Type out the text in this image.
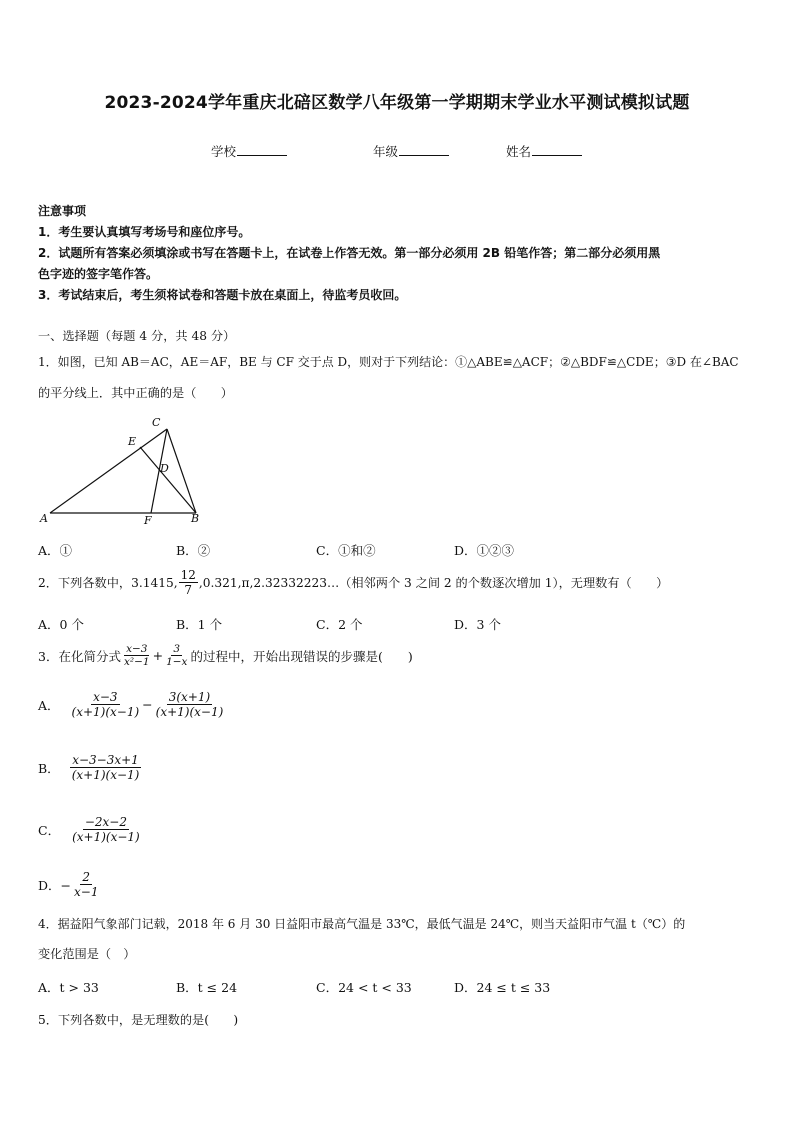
2023-2024学年重庆北碚区数学八年级第一学期期末学业水平测试模拟试题
学校	年级	姓名
注意事项
1．考生要认真填写考场号和座位序号。
2．试题所有答案必须填涂或书写在答题卡上，在试卷上作答无效。第一部分必须用 2B 铅笔作答；第二部分必须用黑
色字迹的签字笔作答。
3．考试结束后，考生须将试卷和答题卡放在桌面上，待监考员收回。
一、选择题（每题 4 分，共 48 分）
1．如图，已知 AB＝AC，AE＝AF，BE 与 CF 交于点 D，则对于下列结论：①△ABE≌△ACF；②△BDF≌△CDE；③D 在∠BAC
的平分线上．其中正确的是（　　）
C
E
D
A	F	B
A．①	B．②	C．①和②	D．①②③
2．下列各数中，3.1415, $\frac{12}{7}$ ,0.321,π,2.32332223…（相邻两个 3 之间 2 的个数逐次增加 1），无理数有（　　）
A．0 个	B．1 个	C．2 个	D．3 个
3．在化简分式 $\frac{x-3}{\text{x²−1}} + \frac{3}{1-x}$ 的过程中，开始出现错误的步骤是(　　)
A． $\frac{x-3}{(x+1)(x-1)} - \frac{3(x+1)}{(x+1)(x-1)}$
B． $\frac{x-3-3x+1}{(x+1)(x-1)}$
C． $\frac{-2x-2}{(x+1)(x-1)}$
D．− $\frac{2}{x-1}$
4．据益阳气象部门记载，2018 年 6 月 30 日益阳市最高气温是 33℃，最低气温是 24℃，则当天益阳市气温 t（℃）的
变化范围是（　）
A．t > 33	B．t ≤ 24	C．24 < t < 33	D．24 ≤ t ≤ 33
5．下列各数中，是无理数的是(　　)
